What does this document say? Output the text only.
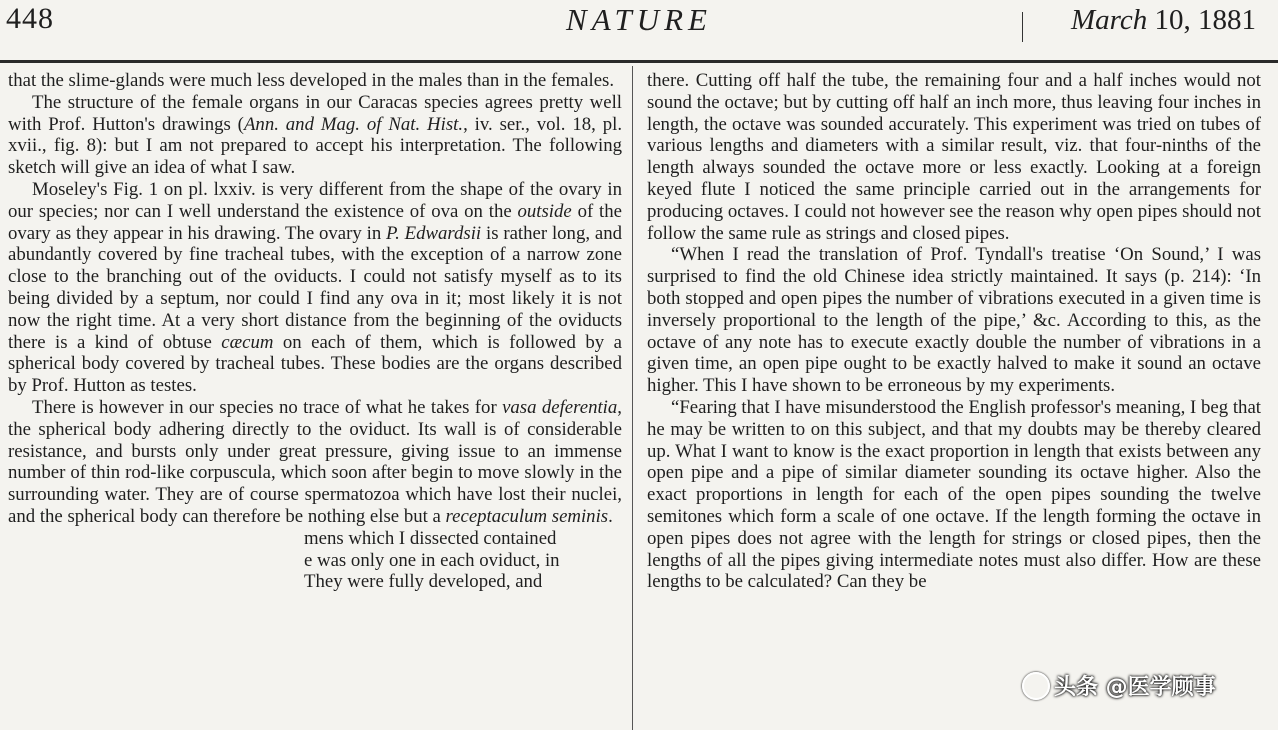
448	NATURE	March 10, 1881

that the slime-glands were much less developed in the males than in the females.

The structure of the female organs in our Caracas species agrees pretty well with Prof. Hutton's drawings (Ann. and Mag. of Nat. Hist., iv. ser., vol. 18, pl. xvii., fig. 8): but I am not prepared to accept his interpretation. The following sketch will give an idea of what I saw.

Moseley's Fig. 1 on pl. lxxiv. is very different from the shape of the ovary in our species; nor can I well understand the existence of ova on the outside of the ovary as they appear in his drawing. The ovary in P. Edwardsii is rather long, and abundantly covered by fine tracheal tubes, with the exception of a narrow zone close to the branching out of the oviducts. I could not satisfy myself as to its being divided by a septum, nor could I find any ova in it; most likely it is not now the right time. At a very short distance from the beginning of the oviducts there is a kind of obtuse cæcum on each of them, which is followed by a spherical body covered by tracheal tubes. These bodies are the organs described by Prof. Hutton as testes.

There is however in our species no trace of what he takes for vasa deferentia, the spherical body adhering directly to the oviduct. Its wall is of considerable resistance, and bursts only under great pressure, giving issue to an immense number of thin rod-like corpuscula, which soon after begin to move slowly in the surrounding water. They are of course spermatozoa which have lost their nuclei, and the spherical body can therefore be nothing else but a receptaculum seminis.

mens which I dissected contained

e was only one in each oviduct, in

They were fully developed, and

there. Cutting off half the tube, the remaining four and a half inches would not sound the octave; but by cutting off half an inch more, thus leaving four inches in length, the octave was sounded accurately. This experiment was tried on tubes of various lengths and diameters with a similar result, viz. that four-ninths of the length always sounded the octave more or less exactly. Looking at a foreign keyed flute I noticed the same principle carried out in the arrangements for producing octaves. I could not however see the reason why open pipes should not follow the same rule as strings and closed pipes.

“When I read the translation of Prof. Tyndall's treatise ‘On Sound,’ I was surprised to find the old Chinese idea strictly maintained. It says (p. 214): ‘In both stopped and open pipes the number of vibrations executed in a given time is inversely proportional to the length of the pipe,’ &c. According to this, as the octave of any note has to execute exactly double the number of vibrations in a given time, an open pipe ought to be exactly halved to make it sound an octave higher. This I have shown to be erroneous by my experiments.

“Fearing that I have misunderstood the English professor's meaning, I beg that he may be written to on this subject, and that my doubts may be thereby cleared up. What I want to know is the exact proportion in length that exists between any open pipe and a pipe of similar diameter sounding its octave higher. Also the exact proportions in length for each of the open pipes sounding the twelve semitones which form a scale of one octave. If the length forming the octave in open pipes does not agree with the length for strings or closed pipes, then the lengths of all the pipes giving intermediate notes must also differ. How are these lengths to be calculated? Can they be

头条 @医学顾事
